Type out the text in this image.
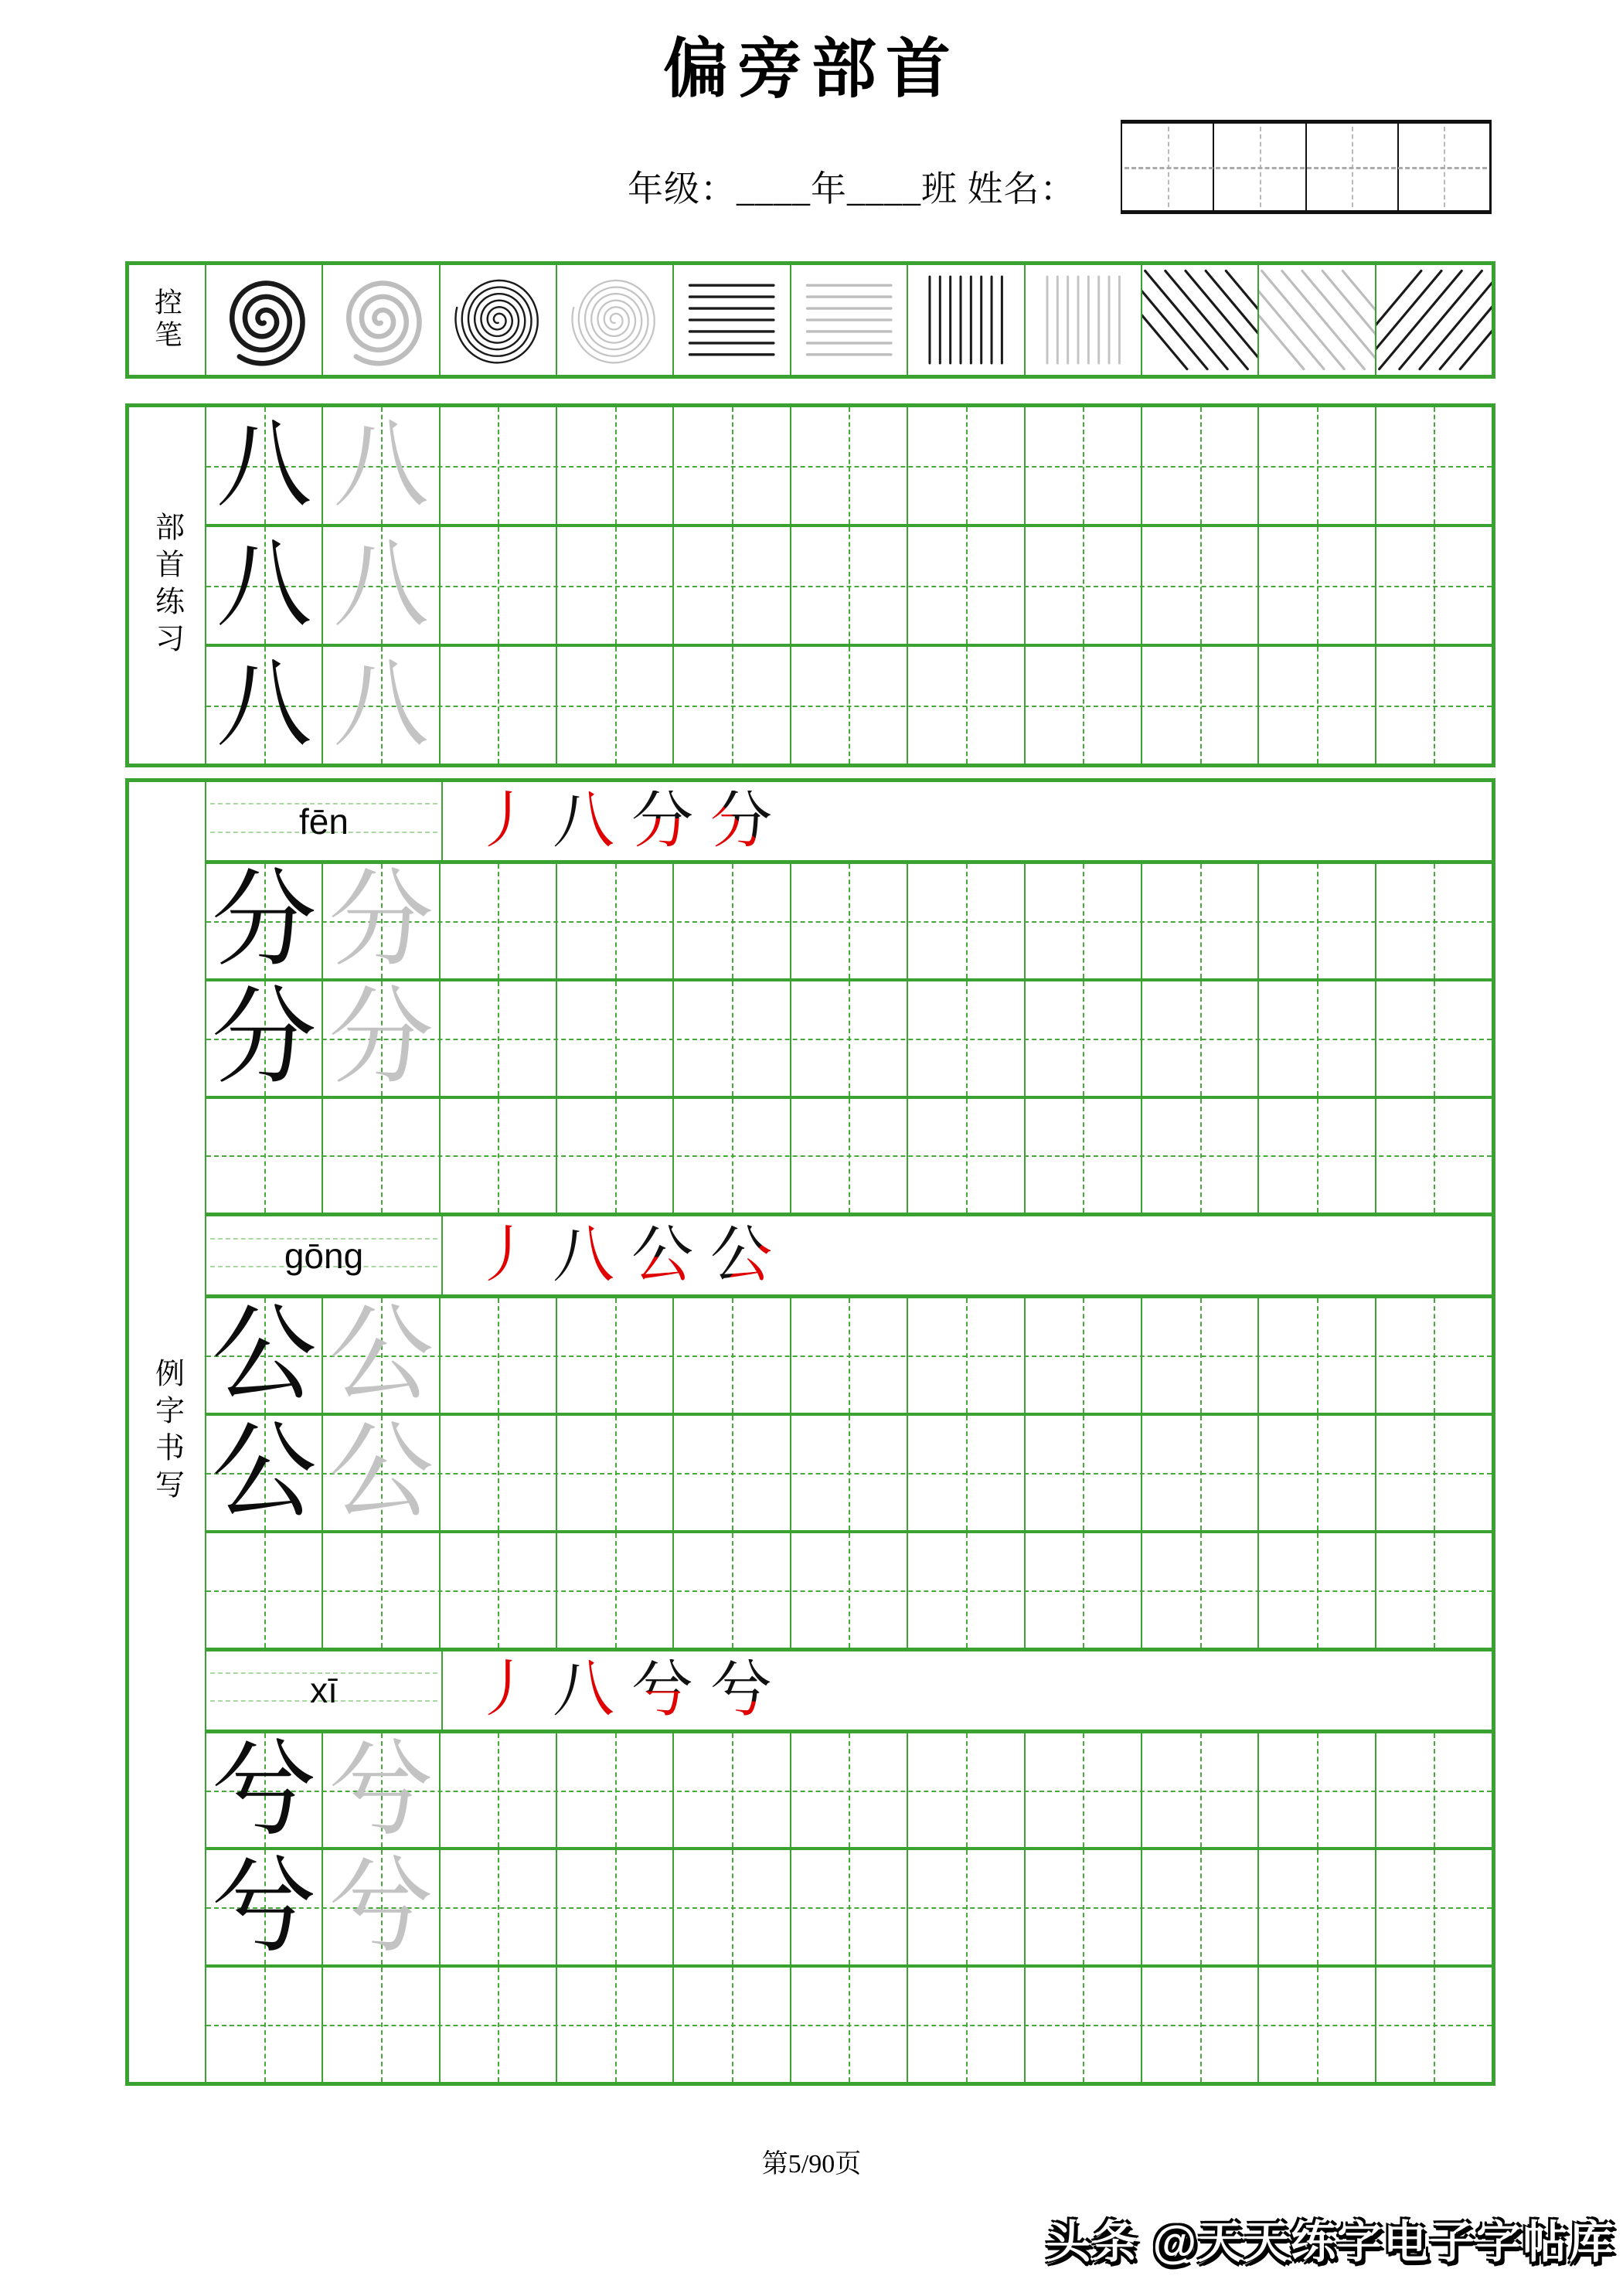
偏旁部首
年级：____年____班 姓名：
控笔
部首练习
八 八
八 八
八 八
例字书写
fēn 丿 八 分 分
分 分
分 分
gōng 丿 八 公 公
公 公
公 公
xī 丿 八 兮 兮
兮 兮
兮 兮
第5/90页
头条 @天天练字电子字帖库
